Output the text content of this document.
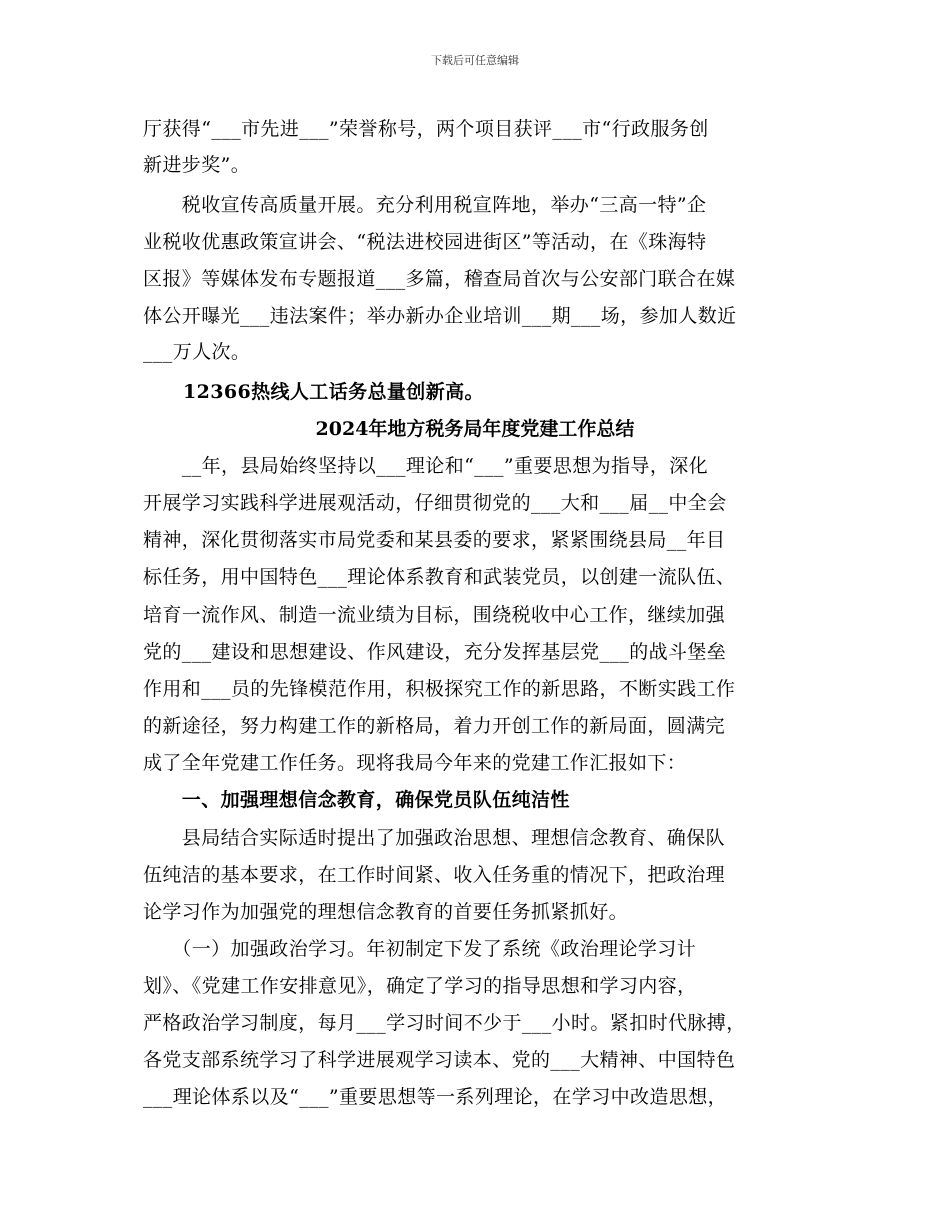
下载后可任意编辑
厅获得“___市先进___”荣誉称号，两个项目获评___市“行政服务创
新进步奖”。
　　税收宣传高质量开展。充分利用税宣阵地，举办“三高一特”企
业税收优惠政策宣讲会、“税法进校园进街区”等活动，在《珠海特
区报》等媒体发布专题报道___多篇，稽查局首次与公安部门联合在媒
体公开曝光___违法案件；举办新办企业培训___期___场，参加人数近
___万人次。
12366热线人工话务总量创新高。
2024年地方税务局年度党建工作总结
　　__年，县局始终坚持以___理论和“___”重要思想为指导，深化
开展学习实践科学进展观活动，仔细贯彻党的___大和___届__中全会
精神，深化贯彻落实市局党委和某县委的要求，紧紧围绕县局__年目
标任务，用中国特色___理论体系教育和武装党员，以创建一流队伍、
培育一流作风、制造一流业绩为目标，围绕税收中心工作，继续加强
党的___建设和思想建设、作风建设，充分发挥基层党___的战斗堡垒
作用和___员的先锋模范作用，积极探究工作的新思路，不断实践工作
的新途径，努力构建工作的新格局，着力开创工作的新局面，圆满完
成了全年党建工作任务。现将我局今年来的党建工作汇报如下：
　　一、加强理想信念教育，确保党员队伍纯洁性
　　县局结合实际适时提出了加强政治思想、理想信念教育、确保队
伍纯洁的基本要求，在工作时间紧、收入任务重的情况下，把政治理
论学习作为加强党的理想信念教育的首要任务抓紧抓好。
　　（一）加强政治学习。年初制定下发了系统《政治理论学习计
划》、《党建工作安排意见》，确定了学习的指导思想和学习内容，
严格政治学习制度，每月___学习时间不少于___小时。紧扣时代脉搏，
各党支部系统学习了科学进展观学习读本、党的___大精神、中国特色
___理论体系以及“___”重要思想等一系列理论，在学习中改造思想，
